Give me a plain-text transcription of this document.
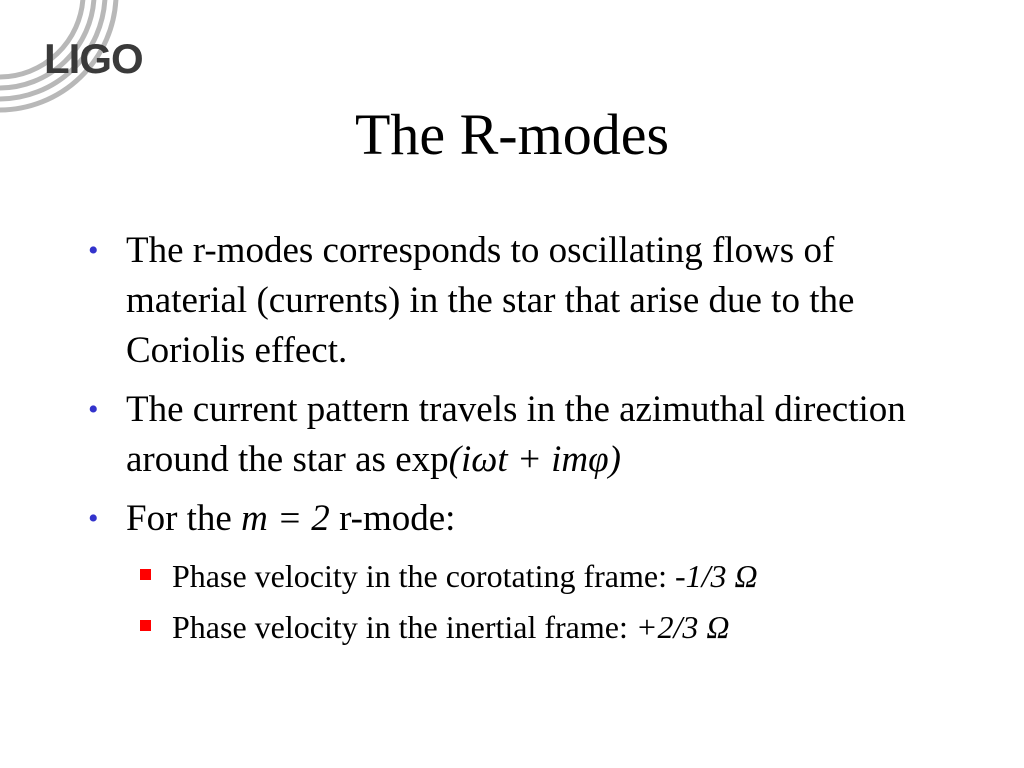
LIGO
The R-modes
• The r-modes corresponds to oscillating flows of material (currents) in the star that arise due to the Coriolis effect.
• The current pattern travels in the azimuthal direction around the star as exp(iωt + imφ)
• For the m = 2 r-mode:
Phase velocity in the corotating frame: -1/3 Ω
Phase velocity in the inertial frame: +2/3 Ω
